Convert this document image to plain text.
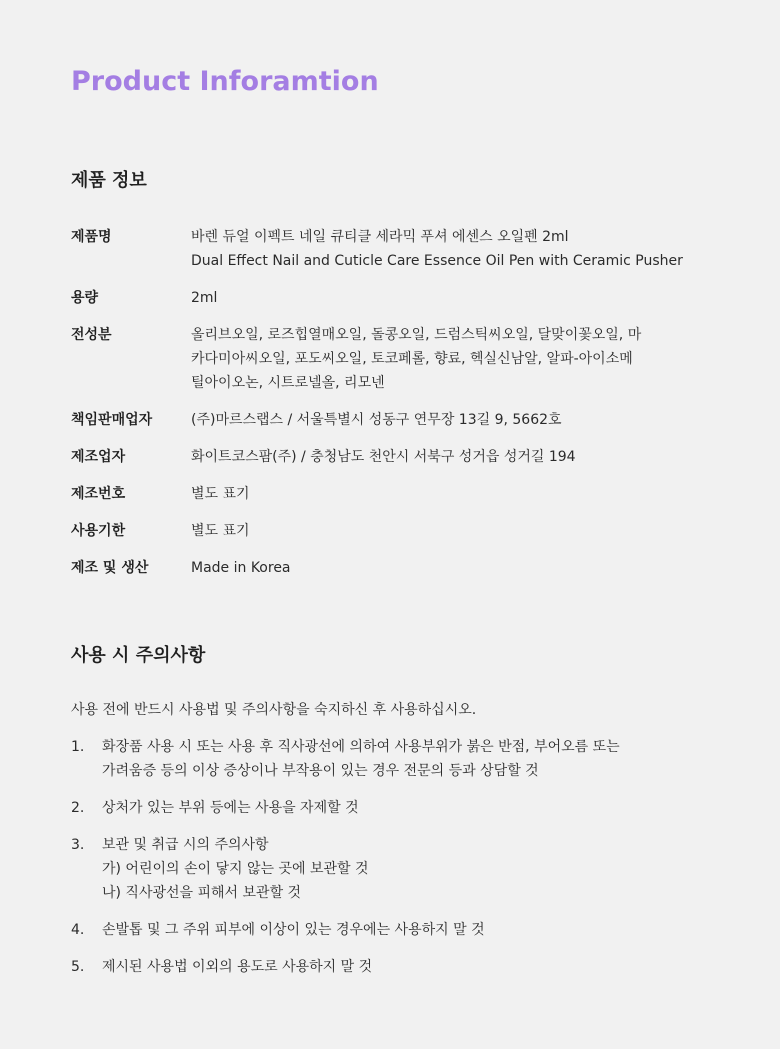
Product Inforamtion
제품 정보
제품명	바렌 듀얼 이펙트 네일 큐티클 세라믹 푸셔 에센스 오일펜 2ml
Dual Effect Nail and Cuticle Care Essence Oil Pen with Ceramic Pusher
용량	2ml
전성분	올리브오일, 로즈힙열매오일, 돌콩오일, 드럼스틱씨오일, 달맞이꽃오일, 마
카다미아씨오일, 포도씨오일, 토코페롤, 향료, 헥실신남알, 알파-아이소메
틸아이오논, 시트로넬올, 리모넨
책임판매업자	(주)마르스랩스 / 서울특별시 성동구 연무장 13길 9, 5662호
제조업자	화이트코스팜(주) / 충청남도 천안시 서북구 성거읍 성거길 194
제조번호	별도 표기
사용기한	별도 표기
제조 및 생산	Made in Korea
사용 시 주의사항

사용 전에 반드시 사용법 및 주의사항을 숙지하신 후 사용하십시오.

1.	화장품 사용 시 또는 사용 후 직사광선에 의하여 사용부위가 붉은 반점, 부어오름 또는
가려움증 등의 이상 증상이나 부작용이 있는 경우 전문의 등과 상담할 것
2.	상처가 있는 부위 등에는 사용을 자제할 것
3.	보관 및 취급 시의 주의사항
가) 어린이의 손이 닿지 않는 곳에 보관할 것
나) 직사광선을 피해서 보관할 것
4.	손발톱 및 그 주위 피부에 이상이 있는 경우에는 사용하지 말 것
5.	제시된 사용법 이외의 용도로 사용하지 말 것
